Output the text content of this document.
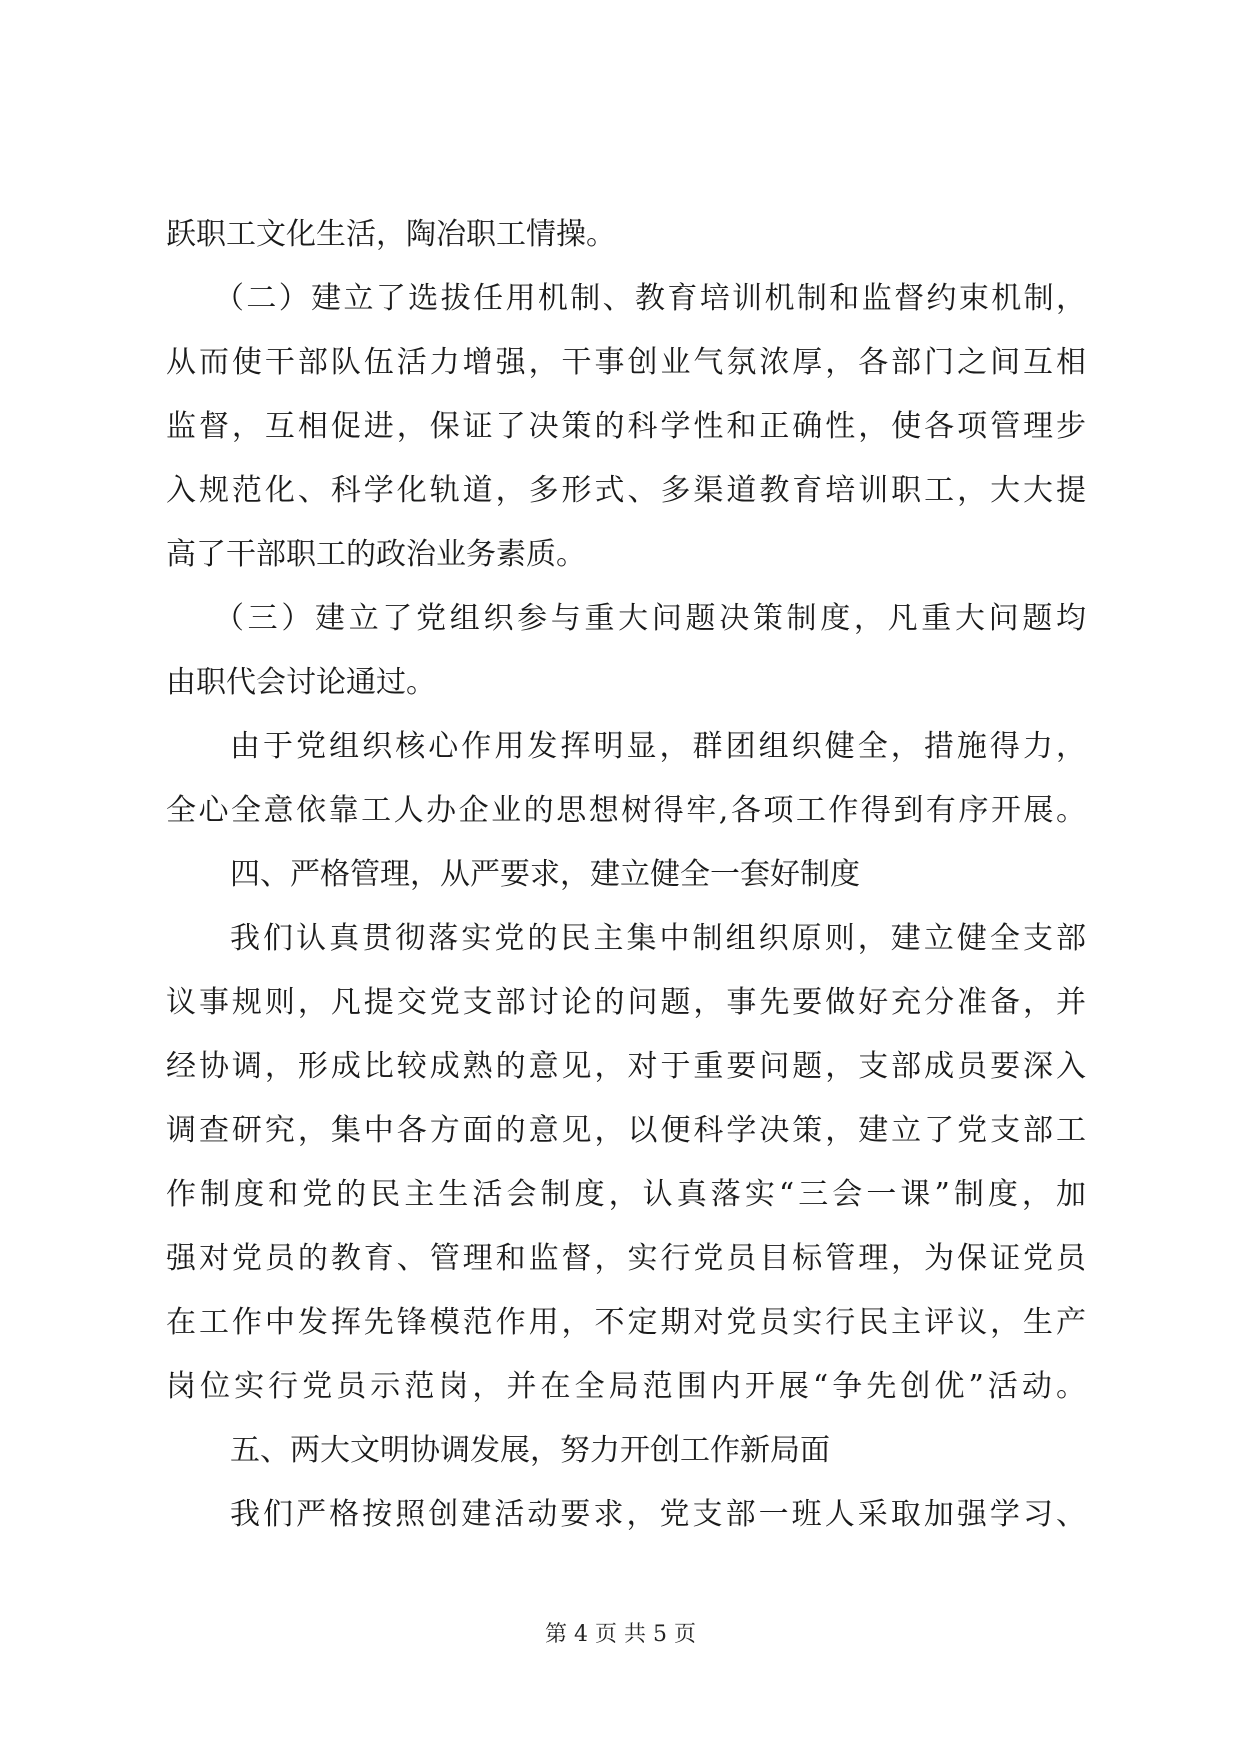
跃职工文化生活，陶冶职工情操。
（二）建立了选拔任用机制、教育培训机制和监督约束机制，
从而使干部队伍活力增强，干事创业气氛浓厚，各部门之间互相
监督，互相促进，保证了决策的科学性和正确性，使各项管理步
入规范化、科学化轨道，多形式、多渠道教育培训职工，大大提
高了干部职工的政治业务素质。
（三）建立了党组织参与重大问题决策制度，凡重大问题均
由职代会讨论通过。
由于党组织核心作用发挥明显，群团组织健全，措施得力，
全心全意依靠工人办企业的思想树得牢,各项工作得到有序开展。
四、严格管理，从严要求，建立健全一套好制度
我们认真贯彻落实党的民主集中制组织原则，建立健全支部
议事规则，凡提交党支部讨论的问题，事先要做好充分准备，并
经协调，形成比较成熟的意见，对于重要问题，支部成员要深入
调查研究，集中各方面的意见，以便科学决策，建立了党支部工
作制度和党的民主生活会制度，认真落实“三会一课”制度，加
强对党员的教育、管理和监督，实行党员目标管理，为保证党员
在工作中发挥先锋模范作用，不定期对党员实行民主评议，生产
岗位实行党员示范岗，并在全局范围内开展“争先创优”活动。
五、两大文明协调发展，努力开创工作新局面
我们严格按照创建活动要求，党支部一班人采取加强学习、
第 4 页 共 5 页
